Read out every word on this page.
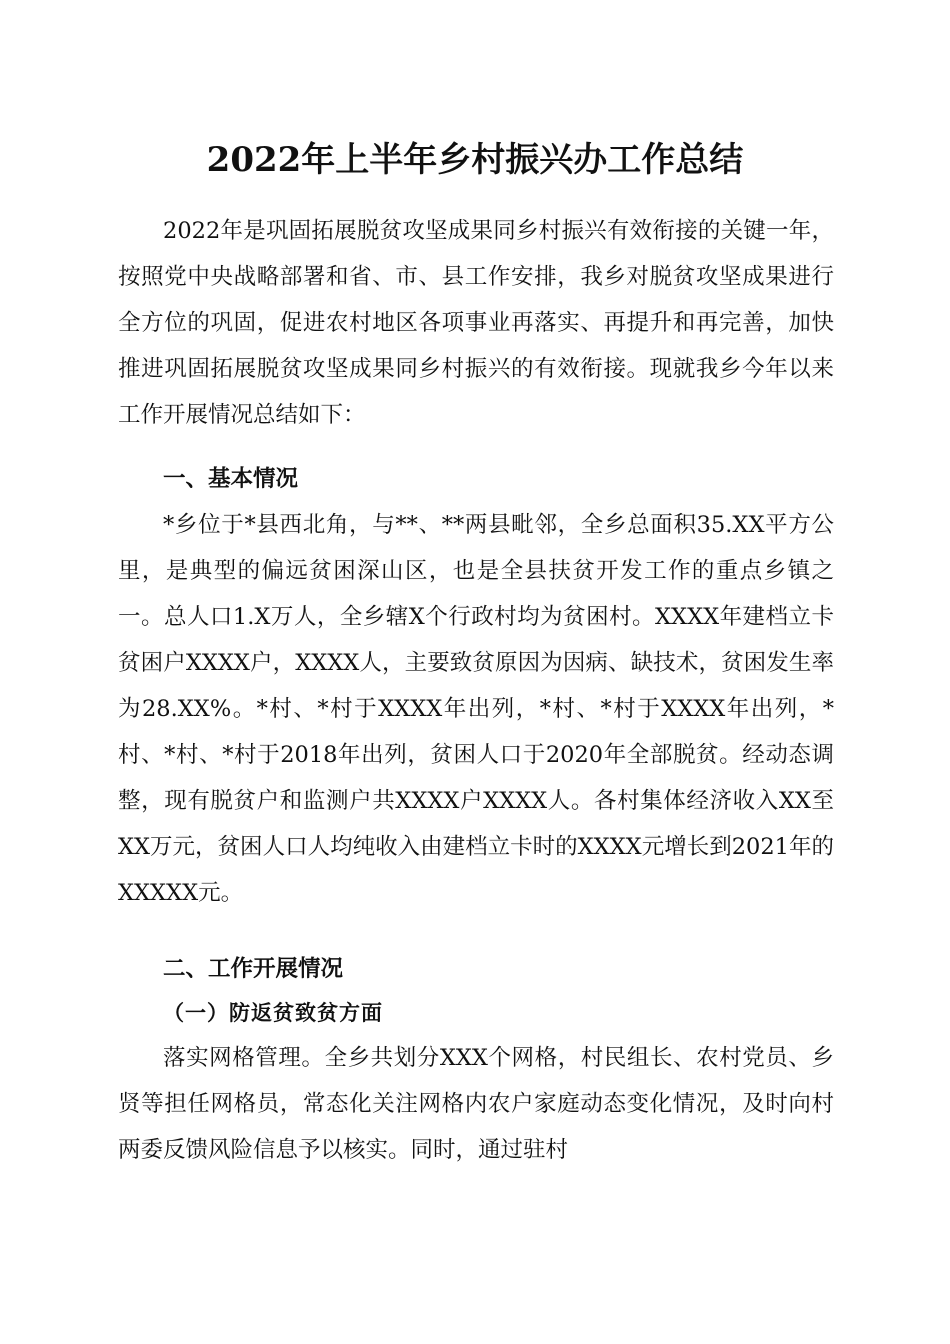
2022年上半年乡村振兴办工作总结

2022年是巩固拓展脱贫攻坚成果同乡村振兴有效衔接的关键一年，按照党中央战略部署和省、市、县工作安排，我乡对脱贫攻坚成果进行全方位的巩固，促进农村地区各项事业再落实、再提升和再完善，加快推进巩固拓展脱贫攻坚成果同乡村振兴的有效衔接。现就我乡今年以来工作开展情况总结如下：

一、基本情况

*乡位于*县西北角，与**、**两县毗邻，全乡总面积35.XX平方公里，是典型的偏远贫困深山区，也是全县扶贫开发工作的重点乡镇之一。总人口1.X万人，全乡辖X个行政村均为贫困村。XXXX年建档立卡贫困户XXXX户，XXXX人，主要致贫原因为因病、缺技术，贫困发生率为28.XX%。*村、*村于XXXX年出列，*村、*村于XXXX年出列，*村、*村、*村于2018年出列，贫困人口于2020年全部脱贫。经动态调整，现有脱贫户和监测户共XXXX户XXXX人。各村集体经济收入XX至XX万元，贫困人口人均纯收入由建档立卡时的XXXX元增长到2021年的XXXXX元。

二、工作开展情况
（一）防返贫致贫方面

落实网格管理。全乡共划分XXX个网格，村民组长、农村党员、乡贤等担任网格员，常态化关注网格内农户家庭动态变化情况，及时向村两委反馈风险信息予以核实。同时，通过驻村
